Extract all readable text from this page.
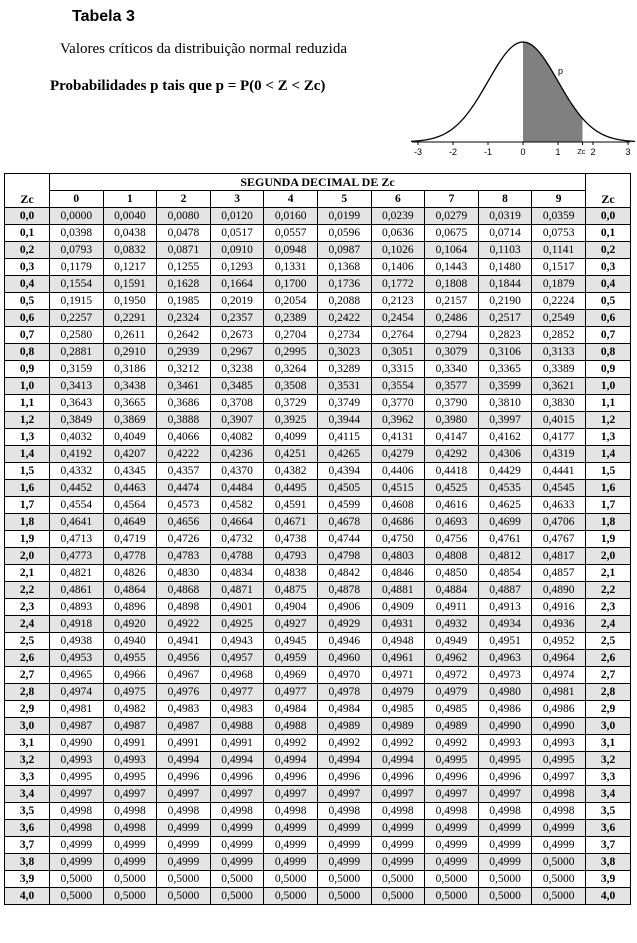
Tabela 3
Valores críticos da distribuição normal reduzida
Probabilidades p tais que p = P(0 < Z < Zc)
-3	-2	-1	0	1	2	3
p
Zc
Zc	SEGUNDA DECIMAL DE Zc										Zc
	0	1	2	3	4	5	6	7	8	9	
0,0	0,0000	0,0040	0,0080	0,0120	0,0160	0,0199	0,0239	0,0279	0,0319	0,0359	0,0
0,1	0,0398	0,0438	0,0478	0,0517	0,0557	0,0596	0,0636	0,0675	0,0714	0,0753	0,1
0,2	0,0793	0,0832	0,0871	0,0910	0,0948	0,0987	0,1026	0,1064	0,1103	0,1141	0,2
0,3	0,1179	0,1217	0,1255	0,1293	0,1331	0,1368	0,1406	0,1443	0,1480	0,1517	0,3
0,4	0,1554	0,1591	0,1628	0,1664	0,1700	0,1736	0,1772	0,1808	0,1844	0,1879	0,4
0,5	0,1915	0,1950	0,1985	0,2019	0,2054	0,2088	0,2123	0,2157	0,2190	0,2224	0,5
0,6	0,2257	0,2291	0,2324	0,2357	0,2389	0,2422	0,2454	0,2486	0,2517	0,2549	0,6
0,7	0,2580	0,2611	0,2642	0,2673	0,2704	0,2734	0,2764	0,2794	0,2823	0,2852	0,7
0,8	0,2881	0,2910	0,2939	0,2967	0,2995	0,3023	0,3051	0,3079	0,3106	0,3133	0,8
0,9	0,3159	0,3186	0,3212	0,3238	0,3264	0,3289	0,3315	0,3340	0,3365	0,3389	0,9
1,0	0,3413	0,3438	0,3461	0,3485	0,3508	0,3531	0,3554	0,3577	0,3599	0,3621	1,0
1,1	0,3643	0,3665	0,3686	0,3708	0,3729	0,3749	0,3770	0,3790	0,3810	0,3830	1,1
1,2	0,3849	0,3869	0,3888	0,3907	0,3925	0,3944	0,3962	0,3980	0,3997	0,4015	1,2
1,3	0,4032	0,4049	0,4066	0,4082	0,4099	0,4115	0,4131	0,4147	0,4162	0,4177	1,3
1,4	0,4192	0,4207	0,4222	0,4236	0,4251	0,4265	0,4279	0,4292	0,4306	0,4319	1,4
1,5	0,4332	0,4345	0,4357	0,4370	0,4382	0,4394	0,4406	0,4418	0,4429	0,4441	1,5
1,6	0,4452	0,4463	0,4474	0,4484	0,4495	0,4505	0,4515	0,4525	0,4535	0,4545	1,6
1,7	0,4554	0,4564	0,4573	0,4582	0,4591	0,4599	0,4608	0,4616	0,4625	0,4633	1,7
1,8	0,4641	0,4649	0,4656	0,4664	0,4671	0,4678	0,4686	0,4693	0,4699	0,4706	1,8
1,9	0,4713	0,4719	0,4726	0,4732	0,4738	0,4744	0,4750	0,4756	0,4761	0,4767	1,9
2,0	0,4773	0,4778	0,4783	0,4788	0,4793	0,4798	0,4803	0,4808	0,4812	0,4817	2,0
2,1	0,4821	0,4826	0,4830	0,4834	0,4838	0,4842	0,4846	0,4850	0,4854	0,4857	2,1
2,2	0,4861	0,4864	0,4868	0,4871	0,4875	0,4878	0,4881	0,4884	0,4887	0,4890	2,2
2,3	0,4893	0,4896	0,4898	0,4901	0,4904	0,4906	0,4909	0,4911	0,4913	0,4916	2,3
2,4	0,4918	0,4920	0,4922	0,4925	0,4927	0,4929	0,4931	0,4932	0,4934	0,4936	2,4
2,5	0,4938	0,4940	0,4941	0,4943	0,4945	0,4946	0,4948	0,4949	0,4951	0,4952	2,5
2,6	0,4953	0,4955	0,4956	0,4957	0,4959	0,4960	0,4961	0,4962	0,4963	0,4964	2,6
2,7	0,4965	0,4966	0,4967	0,4968	0,4969	0,4970	0,4971	0,4972	0,4973	0,4974	2,7
2,8	0,4974	0,4975	0,4976	0,4977	0,4977	0,4978	0,4979	0,4979	0,4980	0,4981	2,8
2,9	0,4981	0,4982	0,4983	0,4983	0,4984	0,4984	0,4985	0,4985	0,4986	0,4986	2,9
3,0	0,4987	0,4987	0,4987	0,4988	0,4988	0,4989	0,4989	0,4989	0,4990	0,4990	3,0
3,1	0,4990	0,4991	0,4991	0,4991	0,4992	0,4992	0,4992	0,4992	0,4993	0,4993	3,1
3,2	0,4993	0,4993	0,4994	0,4994	0,4994	0,4994	0,4994	0,4995	0,4995	0,4995	3,2
3,3	0,4995	0,4995	0,4996	0,4996	0,4996	0,4996	0,4996	0,4996	0,4996	0,4997	3,3
3,4	0,4997	0,4997	0,4997	0,4997	0,4997	0,4997	0,4997	0,4997	0,4997	0,4998	3,4
3,5	0,4998	0,4998	0,4998	0,4998	0,4998	0,4998	0,4998	0,4998	0,4998	0,4998	3,5
3,6	0,4998	0,4998	0,4999	0,4999	0,4999	0,4999	0,4999	0,4999	0,4999	0,4999	3,6
3,7	0,4999	0,4999	0,4999	0,4999	0,4999	0,4999	0,4999	0,4999	0,4999	0,4999	3,7
3,8	0,4999	0,4999	0,4999	0,4999	0,4999	0,4999	0,4999	0,4999	0,4999	0,5000	3,8
3,9	0,5000	0,5000	0,5000	0,5000	0,5000	0,5000	0,5000	0,5000	0,5000	0,5000	3,9
4,0	0,5000	0,5000	0,5000	0,5000	0,5000	0,5000	0,5000	0,5000	0,5000	0,5000	4,0
